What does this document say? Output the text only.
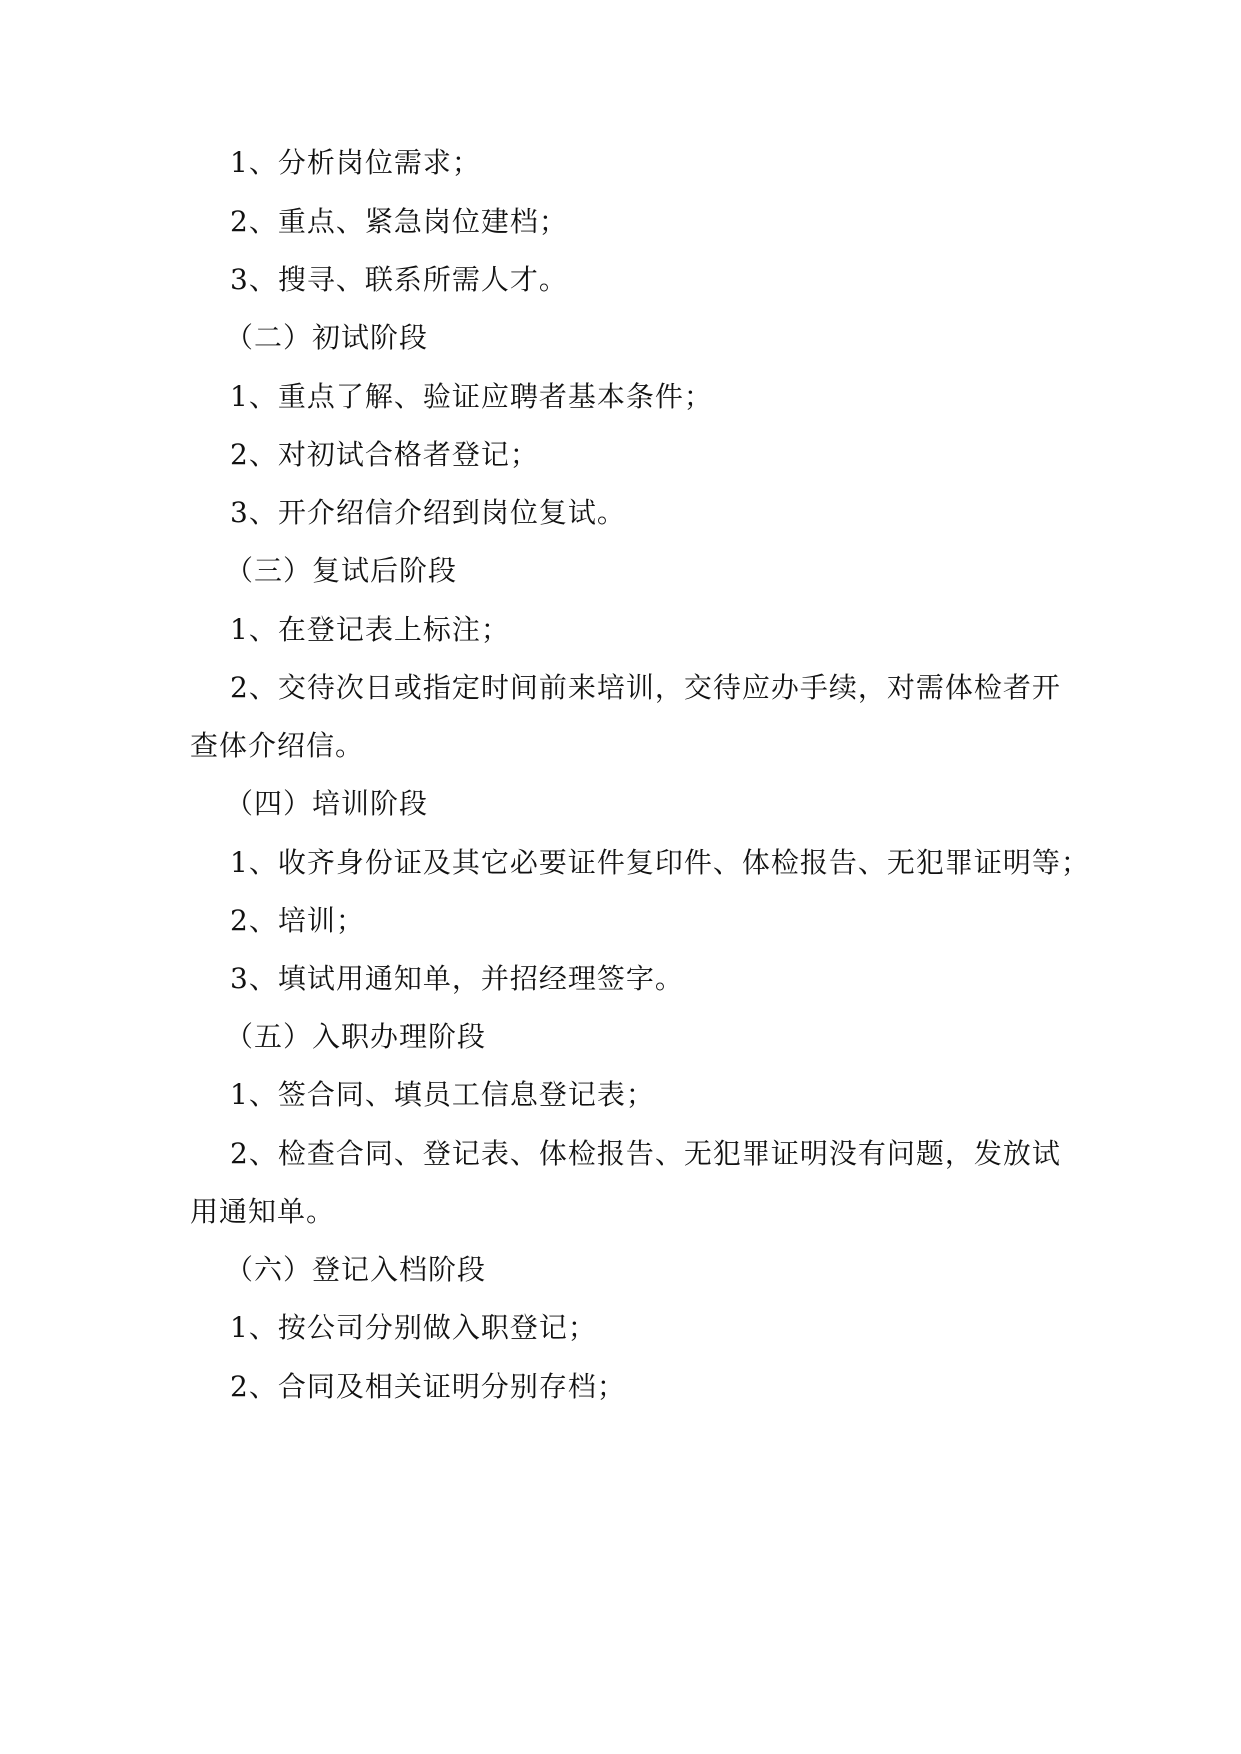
1、分析岗位需求；
2、重点、紧急岗位建档；
3、搜寻、联系所需人才。
（二）初试阶段
1、重点了解、验证应聘者基本条件；
2、对初试合格者登记；
3、开介绍信介绍到岗位复试。
（三）复试后阶段
1、在登记表上标注；
2、交待次日或指定时间前来培训，交待应办手续，对需体检者开
查体介绍信。
（四）培训阶段
1、收齐身份证及其它必要证件复印件、体检报告、无犯罪证明等；
2、培训；
3、填试用通知单，并招经理签字。
（五）入职办理阶段
1、签合同、填员工信息登记表；
2、检查合同、登记表、体检报告、无犯罪证明没有问题，发放试
用通知单。
（六）登记入档阶段
1、按公司分别做入职登记；
2、合同及相关证明分别存档；
